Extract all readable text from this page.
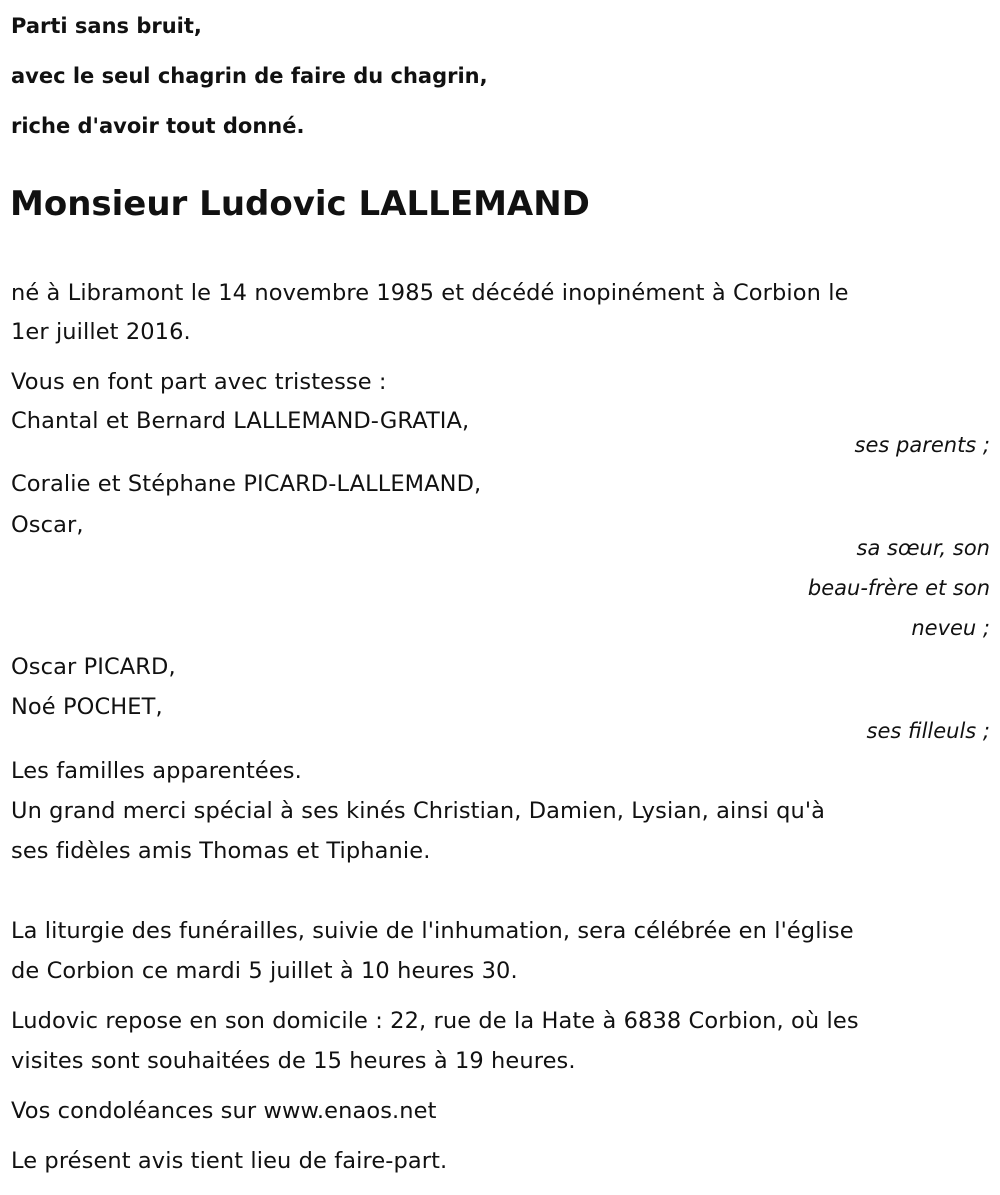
Parti sans bruit,
avec le seul chagrin de faire du chagrin,
riche d'avoir tout donné.
Monsieur Ludovic LALLEMAND
né à Libramont le 14 novembre 1985 et décédé inopinément à Corbion le
1er juillet 2016.
Vous en font part avec tristesse :
Chantal et Bernard LALLEMAND-GRATIA,
ses parents ;
Coralie et Stéphane PICARD-LALLEMAND,
Oscar,
sa sœur, son
beau-frère et son
neveu ;
Oscar PICARD,
Noé POCHET,
ses filleuls ;
Les familles apparentées.
Un grand merci spécial à ses kinés Christian, Damien, Lysian, ainsi qu'à
ses fidèles amis Thomas et Tiphanie.
La liturgie des funérailles, suivie de l'inhumation, sera célébrée en l'église
de Corbion ce mardi 5 juillet à 10 heures 30.
Ludovic repose en son domicile : 22, rue de la Hate à 6838 Corbion, où les
visites sont souhaitées de 15 heures à 19 heures.
Vos condoléances sur www.enaos.net
Le présent avis tient lieu de faire-part.
